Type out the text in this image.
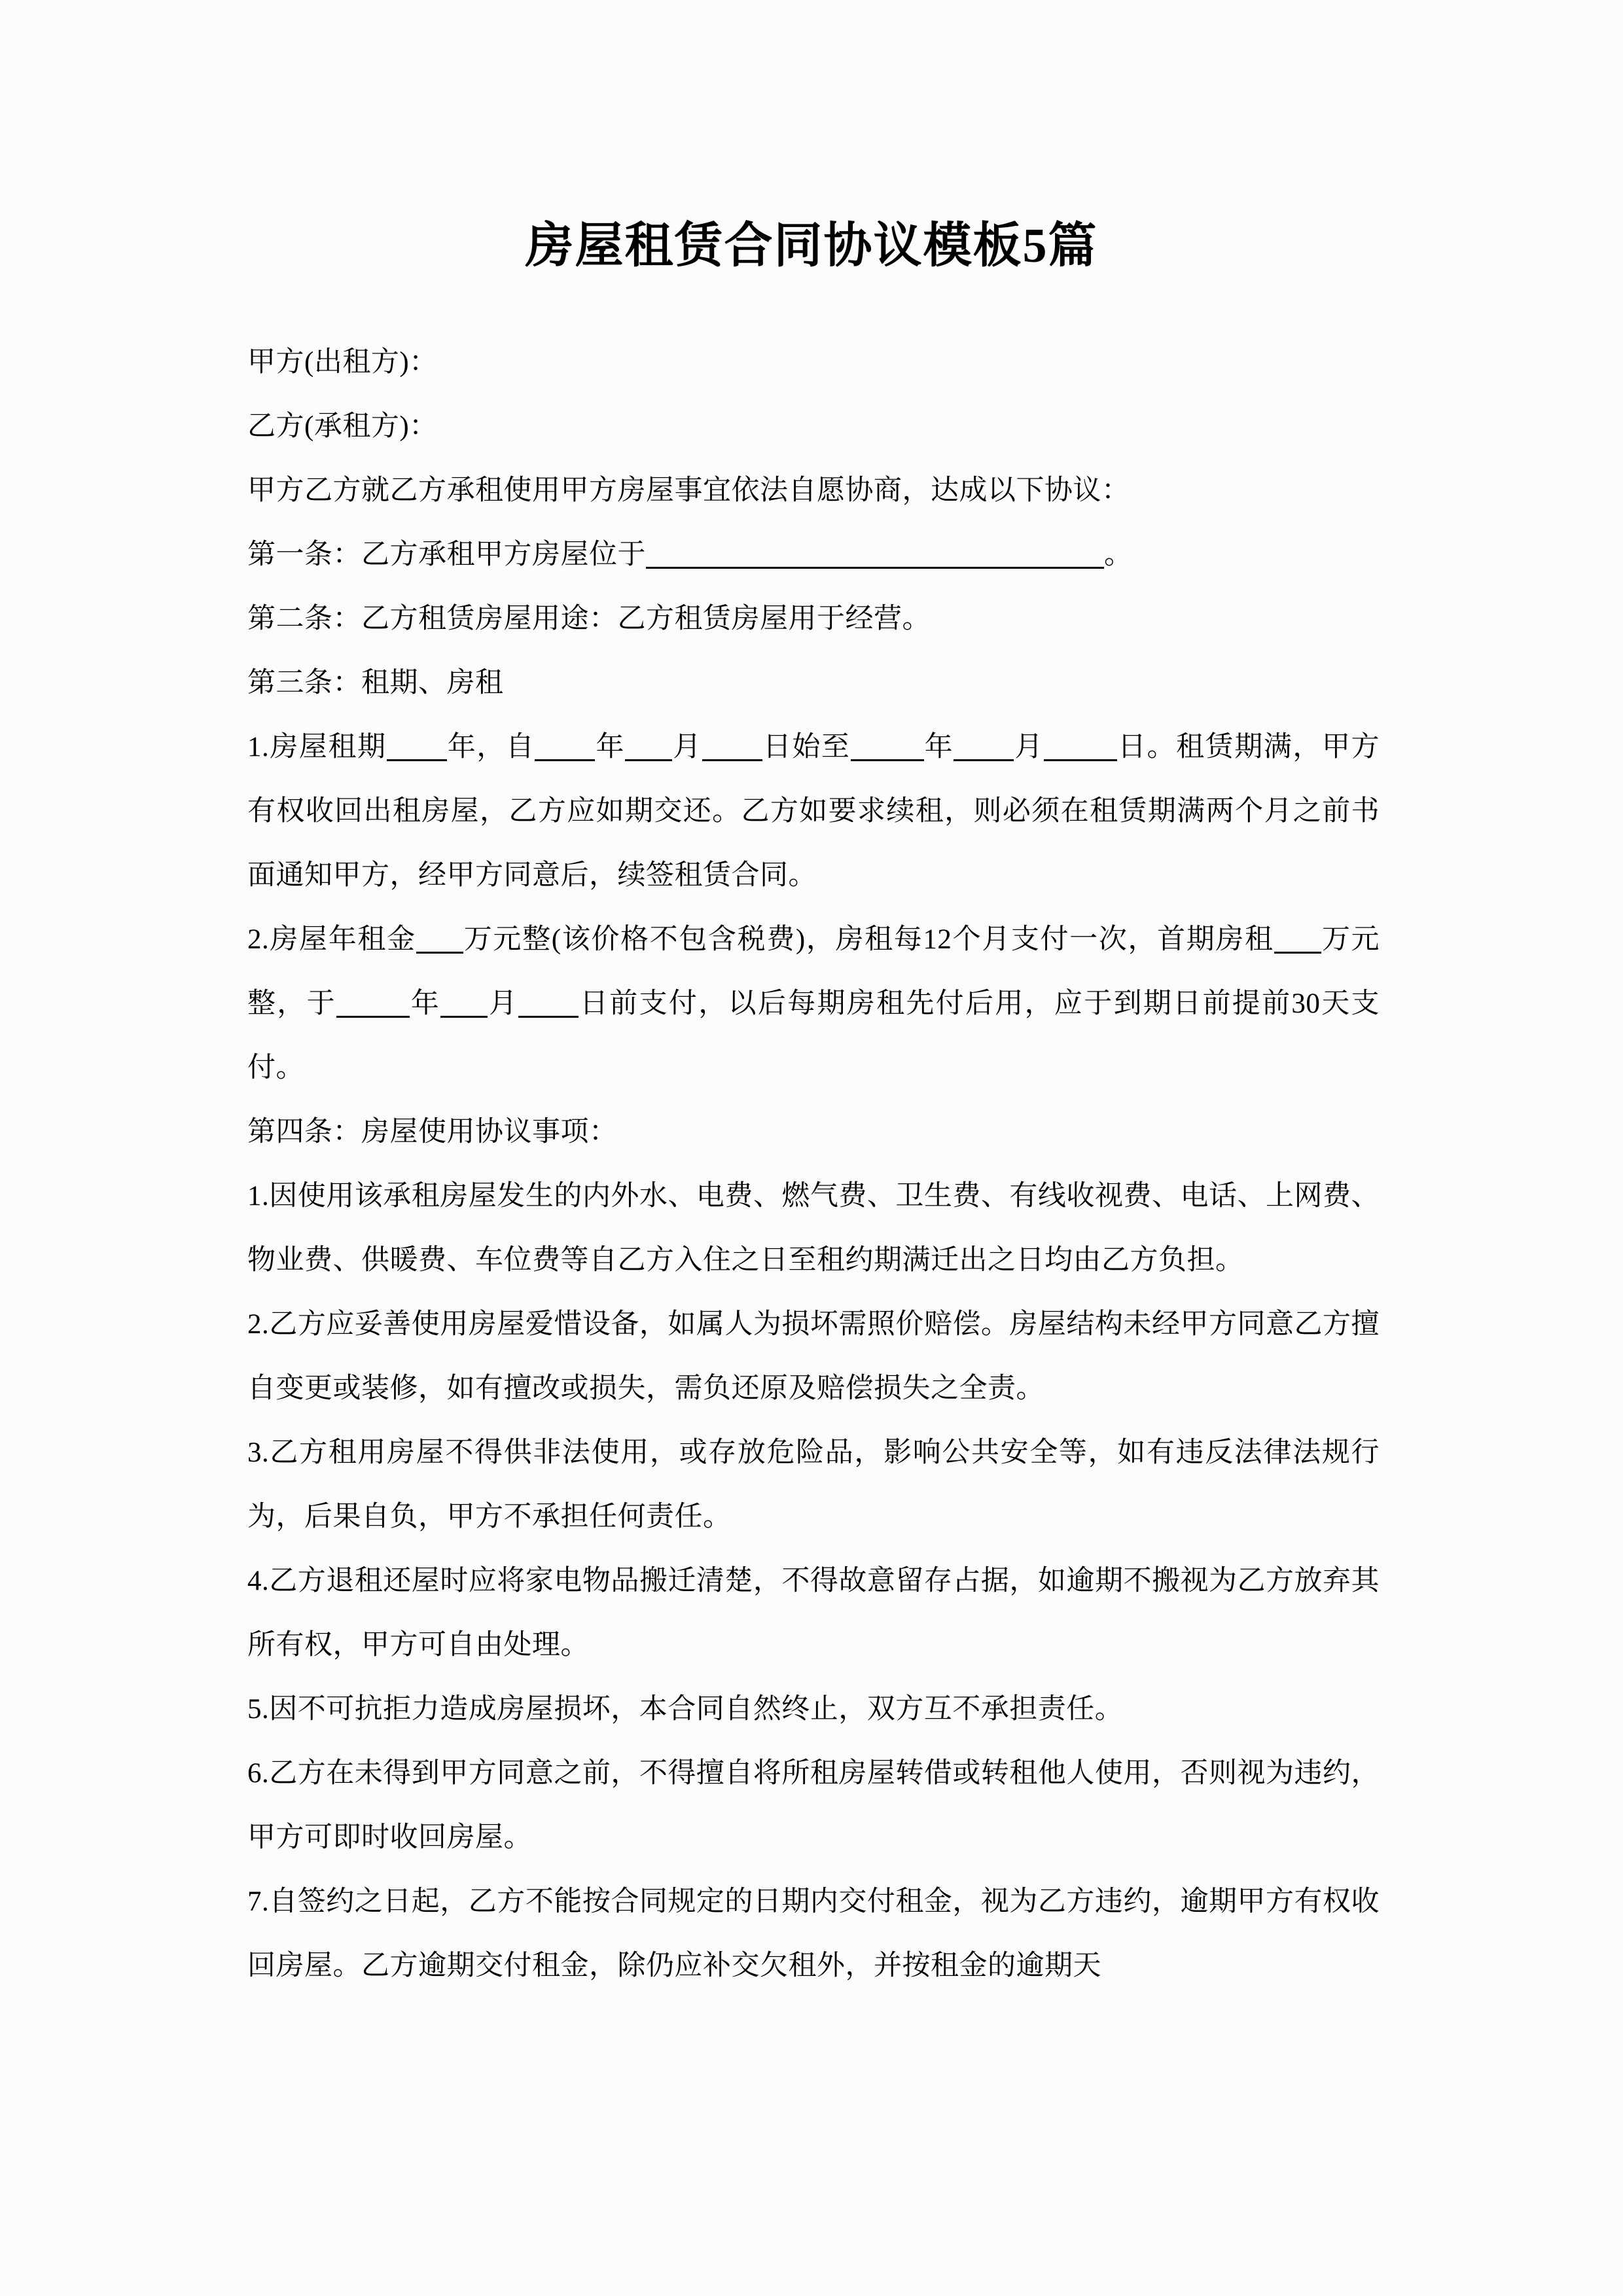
房屋租赁合同协议模板5篇

甲方(出租方)：

乙方(承租方)：

甲方乙方就乙方承租使用甲方房屋事宜依法自愿协商，达成以下协议：

第一条：乙方承租甲方房屋位于	。

第二条：乙方租赁房屋用途：乙方租赁房屋用于经营。

第三条：租期、房租

1.房屋租期 年，自 年 月 日始至	年 月	日。租赁期满，甲方有权收回出租房屋，乙方应如期交还。乙方如要求续租，则必须在租赁期满两个月之前书面通知甲方，经甲方同意后，续签租赁合同。

2.房屋年租金 万元整(该价格不包含税费)，房租每12个月支付一次，首期房租 万元整，于	年 月 日前支付，以后每期房租先付后用，应于到期日前提前30天支付。

第四条：房屋使用协议事项：

1.因使用该承租房屋发生的内外水、电费、燃气费、卫生费、有线收视费、电话、上网费、物业费、供暖费、车位费等自乙方入住之日至租约期满迁出之日均由乙方负担。

2.乙方应妥善使用房屋爱惜设备，如属人为损坏需照价赔偿。房屋结构未经甲方同意乙方擅自变更或装修，如有擅改或损失，需负还原及赔偿损失之全责。

3.乙方租用房屋不得供非法使用，或存放危险品，影响公共安全等，如有违反法律法规行为，后果自负，甲方不承担任何责任。

4.乙方退租还屋时应将家电物品搬迁清楚，不得故意留存占据，如逾期不搬视为乙方放弃其所有权，甲方可自由处理。

5.因不可抗拒力造成房屋损坏，本合同自然终止，双方互不承担责任。

6.乙方在未得到甲方同意之前，不得擅自将所租房屋转借或转租他人使用，否则视为违约，甲方可即时收回房屋。

7.自签约之日起，乙方不能按合同规定的日期内交付租金，视为乙方违约，逾期甲方有权收回房屋。乙方逾期交付租金，除仍应补交欠租外，并按租金的逾期天
